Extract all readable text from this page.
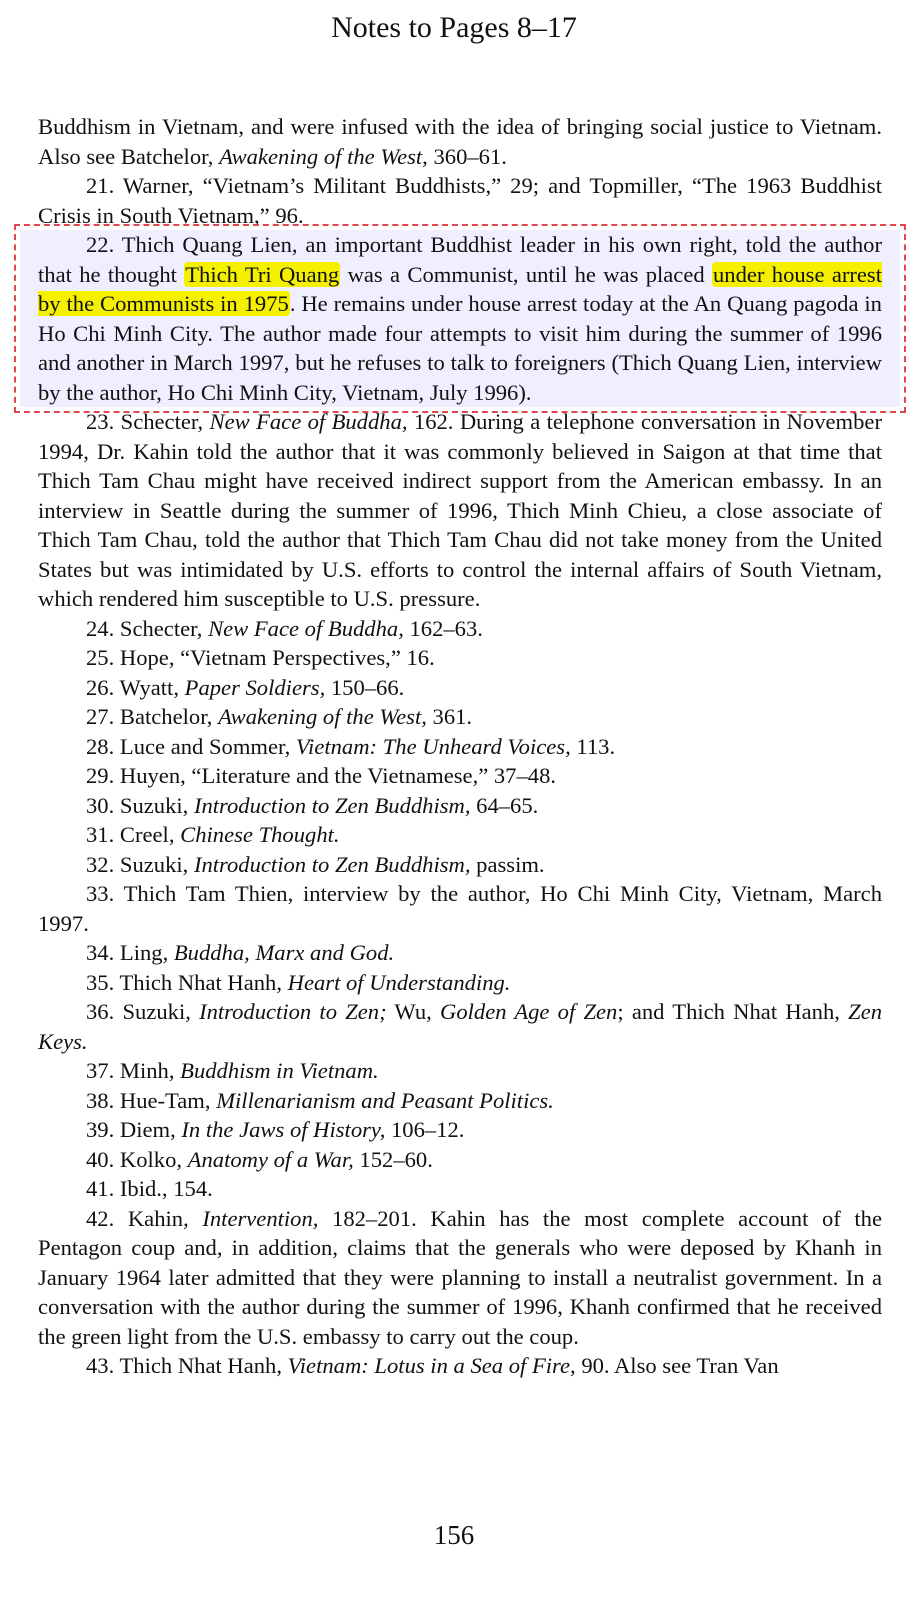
Notes to Pages 8–17

Buddhism in Vietnam, and were infused with the idea of bringing social justice to Vietnam. Also see Batchelor, Awakening of the West, 360–61.

21. Warner, “Vietnam’s Militant Buddhists,” 29; and Topmiller, “The 1963 Buddhist Crisis in South Vietnam,” 96.

22. Thich Quang Lien, an important Buddhist leader in his own right, told the author that he thought Thich Tri Quang was a Communist, until he was placed under house arrest by the Communists in 1975. He remains under house arrest today at the An Quang pagoda in Ho Chi Minh City. The author made four attempts to visit him during the summer of 1996 and another in March 1997, but he refuses to talk to foreigners (Thich Quang Lien, interview by the author, Ho Chi Minh City, Vietnam, July 1996).

23. Schecter, New Face of Buddha, 162. During a telephone conversation in November 1994, Dr. Kahin told the author that it was commonly believed in Saigon at that time that Thich Tam Chau might have received indirect support from the American embassy. In an interview in Seattle during the summer of 1996, Thich Minh Chieu, a close associate of Thich Tam Chau, told the author that Thich Tam Chau did not take money from the United States but was intimidated by U.S. efforts to control the internal affairs of South Vietnam, which rendered him susceptible to U.S. pressure.

24. Schecter, New Face of Buddha, 162–63.

25. Hope, “Vietnam Perspectives,” 16.

26. Wyatt, Paper Soldiers, 150–66.

27. Batchelor, Awakening of the West, 361.

28. Luce and Sommer, Vietnam: The Unheard Voices, 113.

29. Huyen, “Literature and the Vietnamese,” 37–48.

30. Suzuki, Introduction to Zen Buddhism, 64–65.

31. Creel, Chinese Thought.

32. Suzuki, Introduction to Zen Buddhism, passim.

33. Thich Tam Thien, interview by the author, Ho Chi Minh City, Vietnam, March 1997.

34. Ling, Buddha, Marx and God.

35. Thich Nhat Hanh, Heart of Understanding.

36. Suzuki, Introduction to Zen; Wu, Golden Age of Zen; and Thich Nhat Hanh, Zen Keys.

37. Minh, Buddhism in Vietnam.

38. Hue-Tam, Millenarianism and Peasant Politics.

39. Diem, In the Jaws of History, 106–12.

40. Kolko, Anatomy of a War, 152–60.

41. Ibid., 154.

42. Kahin, Intervention, 182–201. Kahin has the most complete account of the Pentagon coup and, in addition, claims that the generals who were deposed by Khanh in January 1964 later admitted that they were planning to install a neutralist government. In a conversation with the author during the summer of 1996, Khanh confirmed that he received the green light from the U.S. embassy to carry out the coup.

43. Thich Nhat Hanh, Vietnam: Lotus in a Sea of Fire, 90. Also see Tran Van

156
